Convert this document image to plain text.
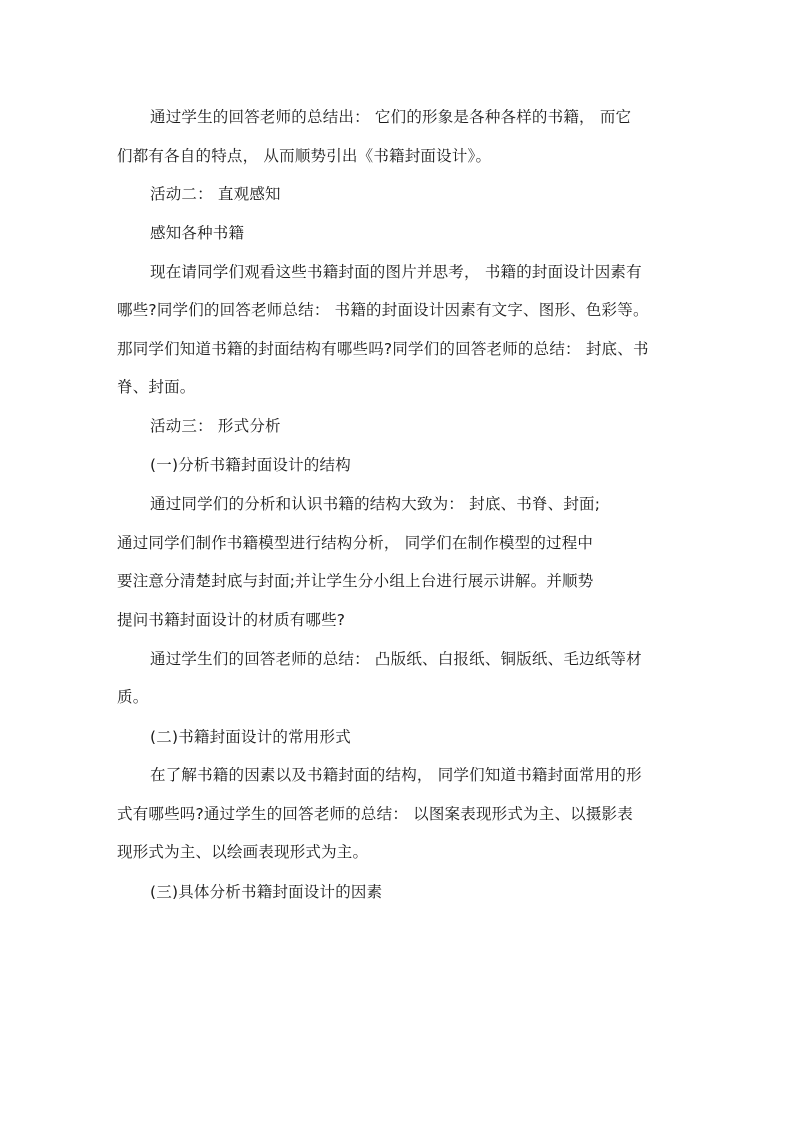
通过学生的回答老师的总结出： 它们的形象是各种各样的书籍， 而它
们都有各自的特点， 从而顺势引出《书籍封面设计》。
活动二： 直观感知
感知各种书籍
现在请同学们观看这些书籍封面的图片并思考， 书籍的封面设计因素有
哪些?同学们的回答老师总结： 书籍的封面设计因素有文字、图形、色彩等。
那同学们知道书籍的封面结构有哪些吗?同学们的回答老师的总结： 封底、书
脊、封面。
活动三： 形式分析
(一)分析书籍封面设计的结构
通过同学们的分析和认识书籍的结构大致为： 封底、书脊、封面;
通过同学们制作书籍模型进行结构分析， 同学们在制作模型的过程中
要注意分清楚封底与封面;并让学生分小组上台进行展示讲解。并顺势
提问书籍封面设计的材质有哪些?
通过学生们的回答老师的总结： 凸版纸、白报纸、铜版纸、毛边纸等材
质。
(二)书籍封面设计的常用形式
在了解书籍的因素以及书籍封面的结构， 同学们知道书籍封面常用的形
式有哪些吗?通过学生的回答老师的总结： 以图案表现形式为主、以摄影表
现形式为主、以绘画表现形式为主。
(三)具体分析书籍封面设计的因素
